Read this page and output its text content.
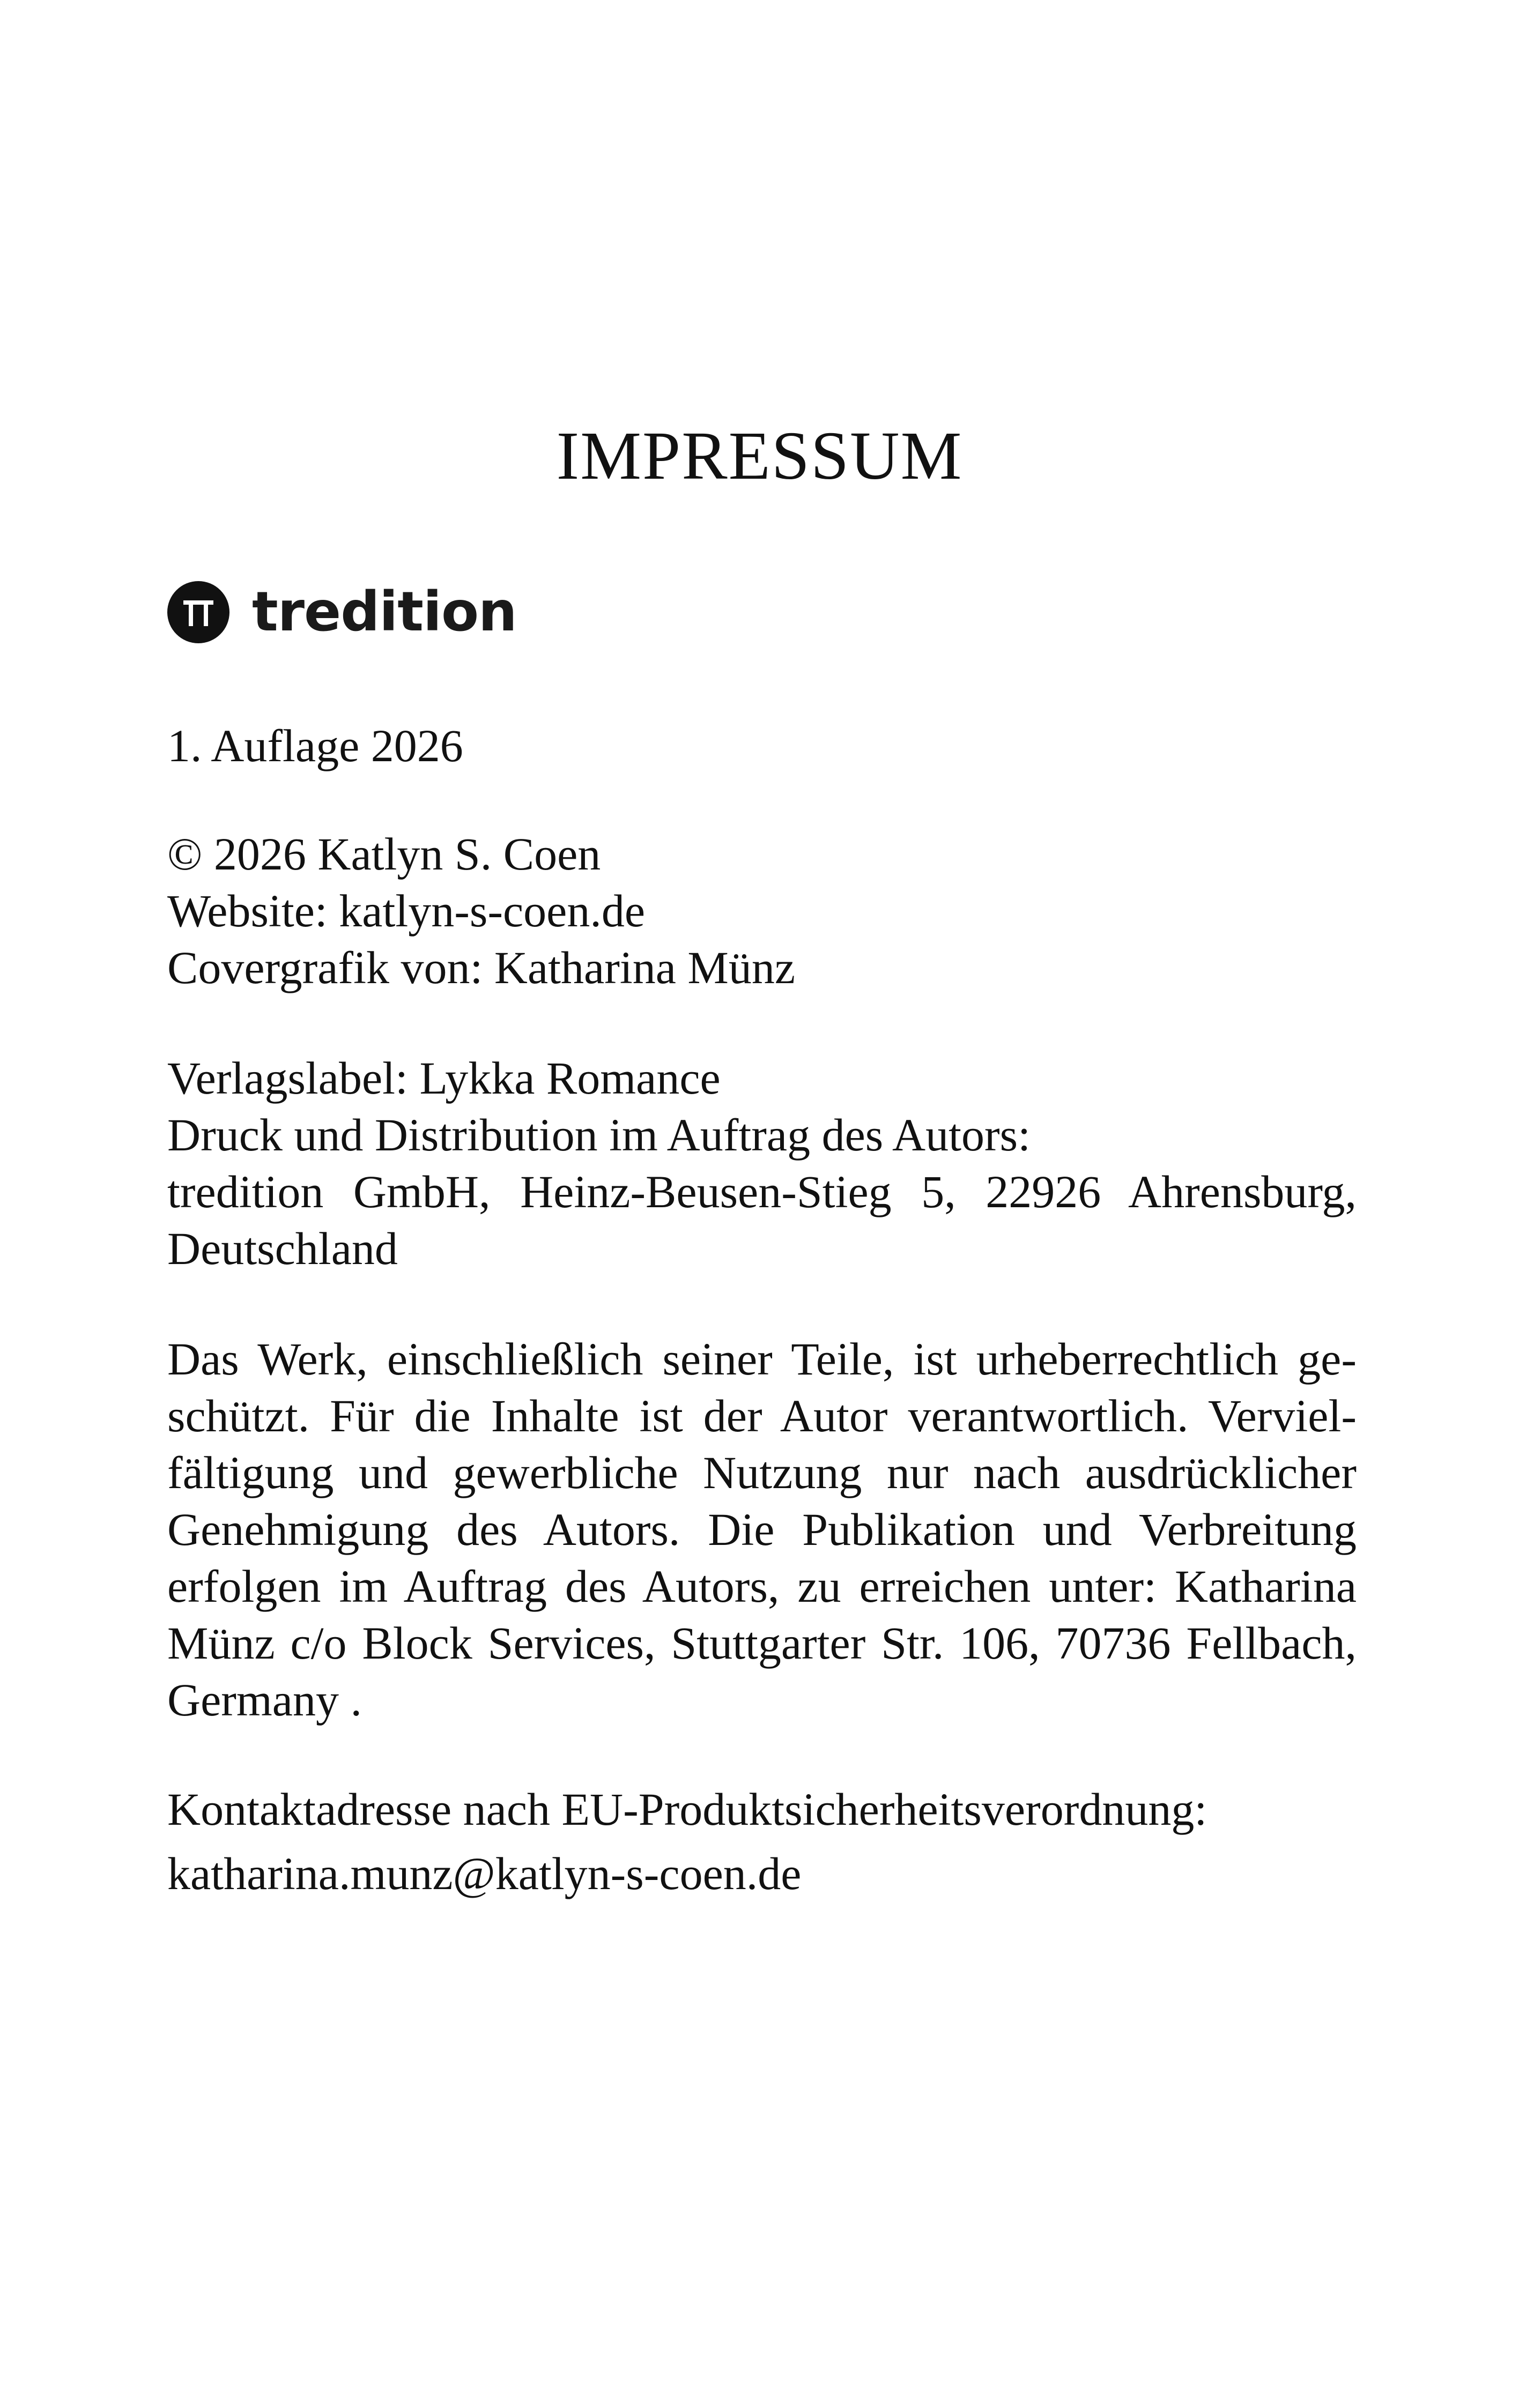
IMPRESSUM
tredition
1. Auflage 2026
© 2026 Katlyn S. Coen
Website: katlyn-s-coen.de
Covergrafik von: Katharina Münz
Verlagslabel: Lykka Romance
Druck und Distribution im Auftrag des Autors:
tredition GmbH, Heinz-Beusen-Stieg 5, 22926 Ahrensburg,
Deutschland
Das Werk, einschließlich seiner Teile, ist urheberrechtlich ge-
schützt. Für die Inhalte ist der Autor verantwortlich. Verviel-
fältigung und gewerbliche Nutzung nur nach ausdrücklicher
Genehmigung des Autors. Die Publikation und Verbreitung
erfolgen im Auftrag des Autors, zu erreichen unter: Katharina
Münz c/o Block Services, Stuttgarter Str. 106, 70736 Fellbach,
Germany .
Kontaktadresse nach EU-Produktsicherheitsverordnung:
katharina.munz@katlyn-s-coen.de
